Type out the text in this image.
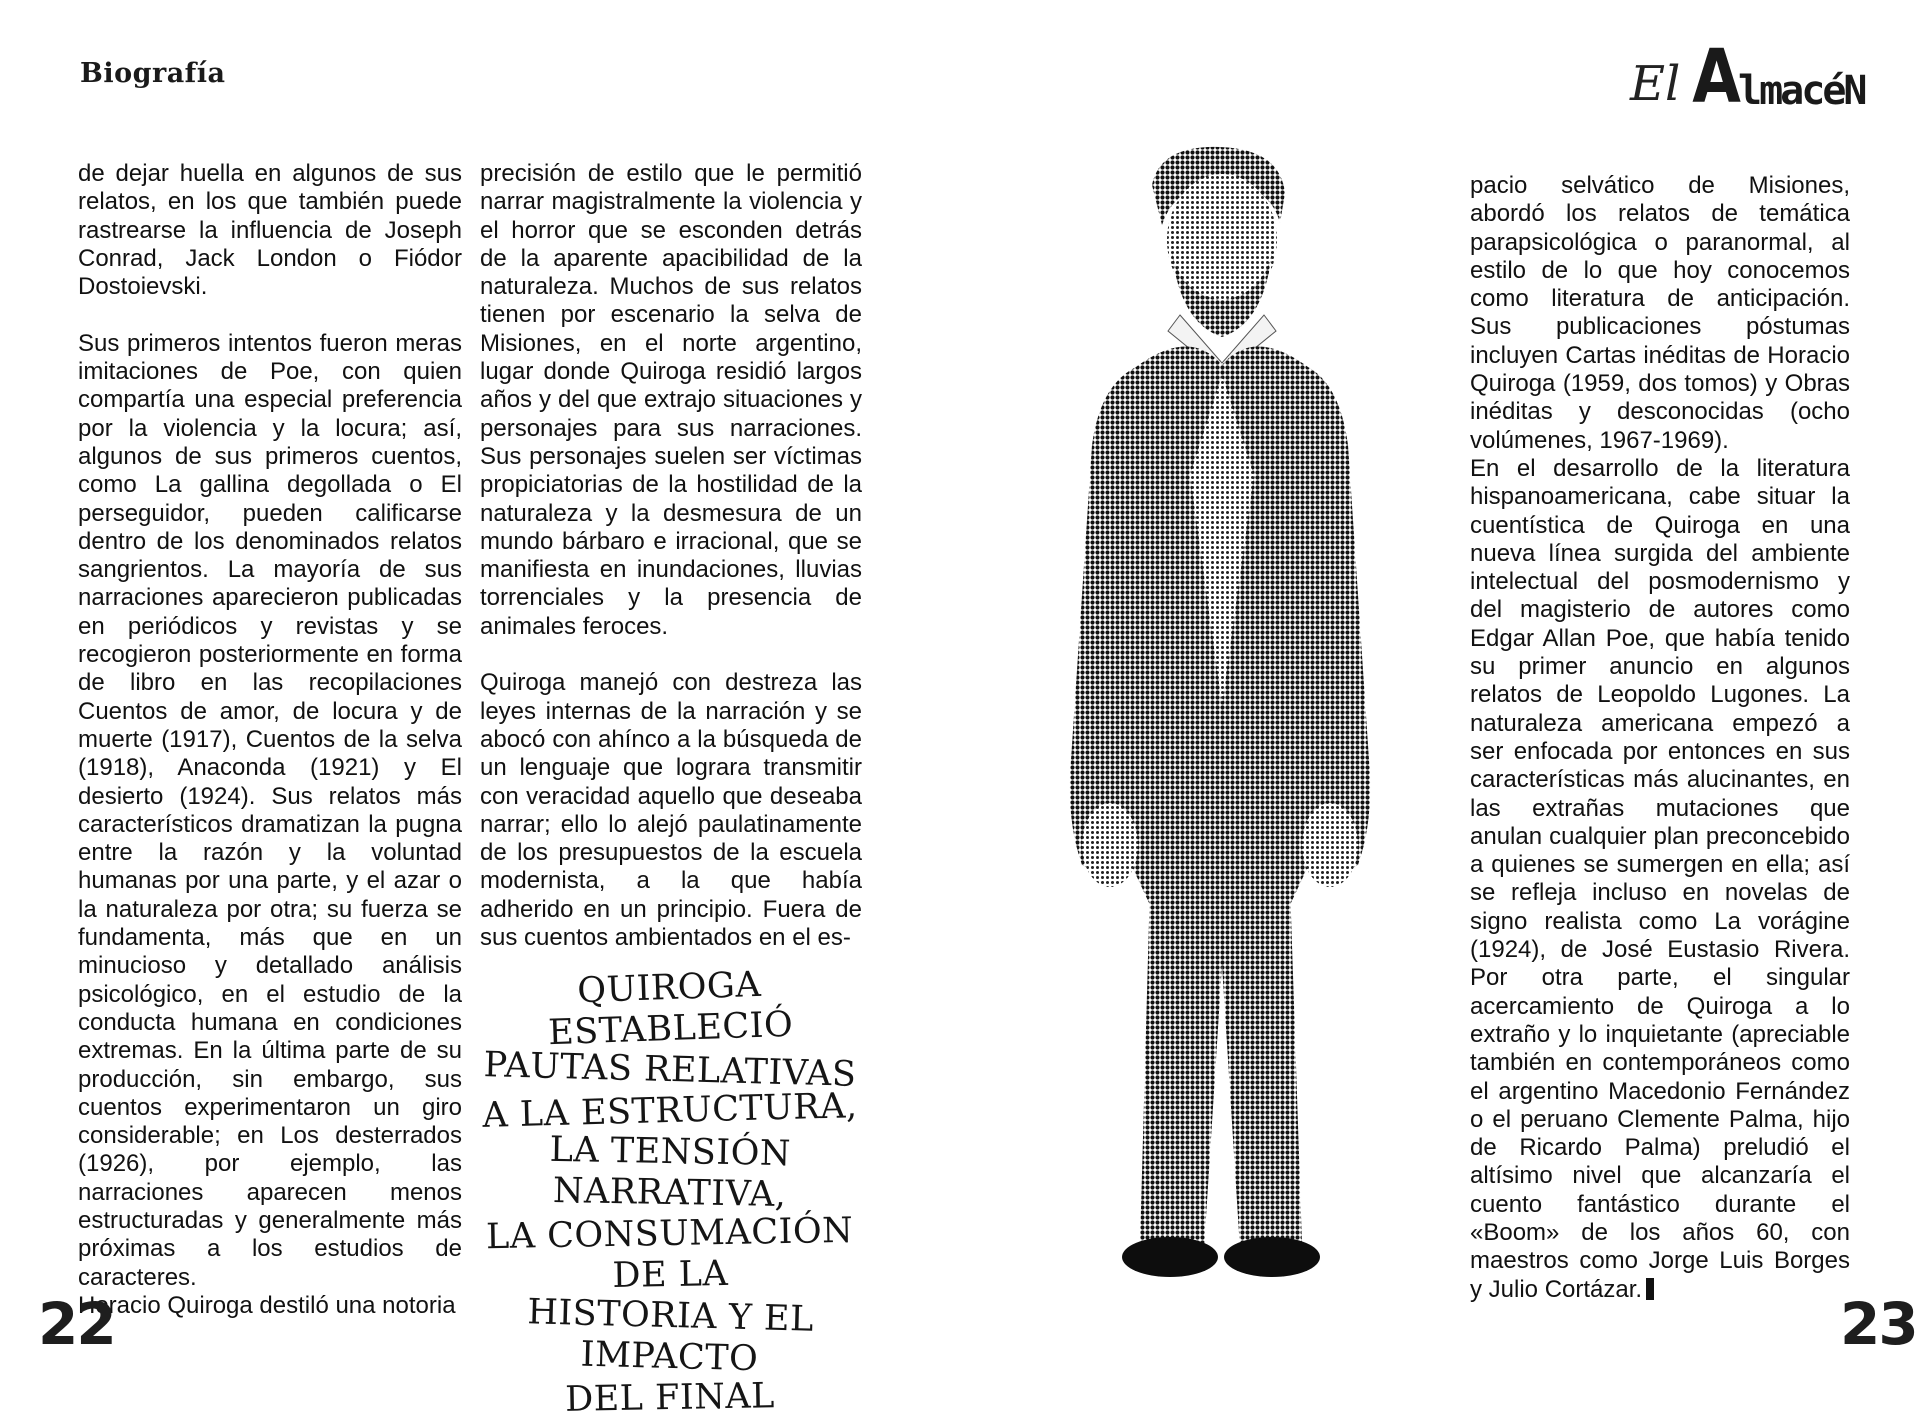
Biografía	El A
lmacéN

de dejar huella en algunos de sus relatos, en los que también puede rastrearse la influencia de Joseph Conrad, Jack London o Fiódor Dostoievski.

Sus primeros intentos fueron meras imitaciones de Poe, con quien compartía una especial preferencia por la violencia y la locura; así, algunos de sus primeros cuentos, como La gallina degollada o El perseguidor, pueden calificarse dentro de los denominados relatos sangrientos. La mayoría de sus narraciones aparecieron publicadas en periódicos y revistas y se recogieron posteriormente en forma de libro en las recopilaciones Cuentos de amor, de locura y de muerte (1917), Cuentos de la selva (1918), Anaconda (1921) y El desierto (1924). Sus relatos más característicos dramatizan la pugna entre la razón y la voluntad humanas por una parte, y el azar o la naturaleza por otra; su fuerza se fundamenta, más que en un minucioso y detallado análisis psicológico, en el estudio de la conducta humana en condiciones extremas. En la última parte de su producción, sin embargo, sus cuentos experimentaron un giro considerable; en Los desterrados (1926), por ejemplo, las narraciones aparecen menos estructuradas y generalmente más próximas a los estudios de caracteres.

Horacio Quiroga destiló una notoria

precisión de estilo que le permitió narrar magistralmente la violencia y el horror que se esconden detrás de la aparente apacibilidad de la naturaleza. Muchos de sus relatos tienen por escenario la selva de Misiones, en el norte argentino, lugar donde Quiroga residió largos años y del que extrajo situaciones y personajes para sus narraciones. Sus personajes suelen ser víctimas propiciatorias de la hostilidad de la naturaleza y la desmesura de un mundo bárbaro e irracional, que se manifiesta en inundaciones, lluvias torrenciales y la presencia de animales feroces.

Quiroga manejó con destreza las leyes internas de la narración y se abocó con ahínco a la búsqueda de un lenguaje que lograra transmitir con veracidad aquello que deseaba narrar; ello lo alejó paulatinamente de los presupuestos de la escuela modernista, a la que había adherido en un principio. Fuera de sus cuentos ambientados en el es-

QUIROGA ESTABLECIÓ
PAUTAS RELATIVAS
A LA ESTRUCTURA,
LA TENSIÓN NARRATIVA,
LA CONSUMACIÓN DE LA
HISTORIA Y EL IMPACTO
DEL FINAL

pacio selvático de Misiones, abordó los relatos de temática parapsicológica o paranormal, al estilo de lo que hoy conocemos como literatura de anticipación. Sus publicaciones póstumas incluyen Cartas inéditas de Horacio Quiroga (1959, dos tomos) y Obras inéditas y desconocidas (ocho volúmenes, 1967-1969).

En el desarrollo de la literatura hispanoamericana, cabe situar la cuentística de Quiroga en una nueva línea surgida del ambiente intelectual del posmodernismo y del magisterio de autores como Edgar Allan Poe, que había tenido su primer anuncio en algunos relatos de Leopoldo Lugones. La naturaleza americana empezó a ser enfocada por entonces en sus características más alucinantes, en las extrañas mutaciones que anulan cualquier plan preconcebido a quienes se sumergen en ella; así se refleja incluso en novelas de signo realista como La vorágine (1924), de José Eustasio Rivera. Por otra parte, el singular acercamiento de Quiroga a lo extraño y lo inquietante (apreciable también en contemporáneos como el argentino Macedonio Fernández o el peruano Clemente Palma, hijo de Ricardo Palma) preludió el altísimo nivel que alcanzaría el cuento fantástico durante el «Boom» de los años 60, con maestros como Jorge Luis Borges y Julio Cortázar.

22	23
